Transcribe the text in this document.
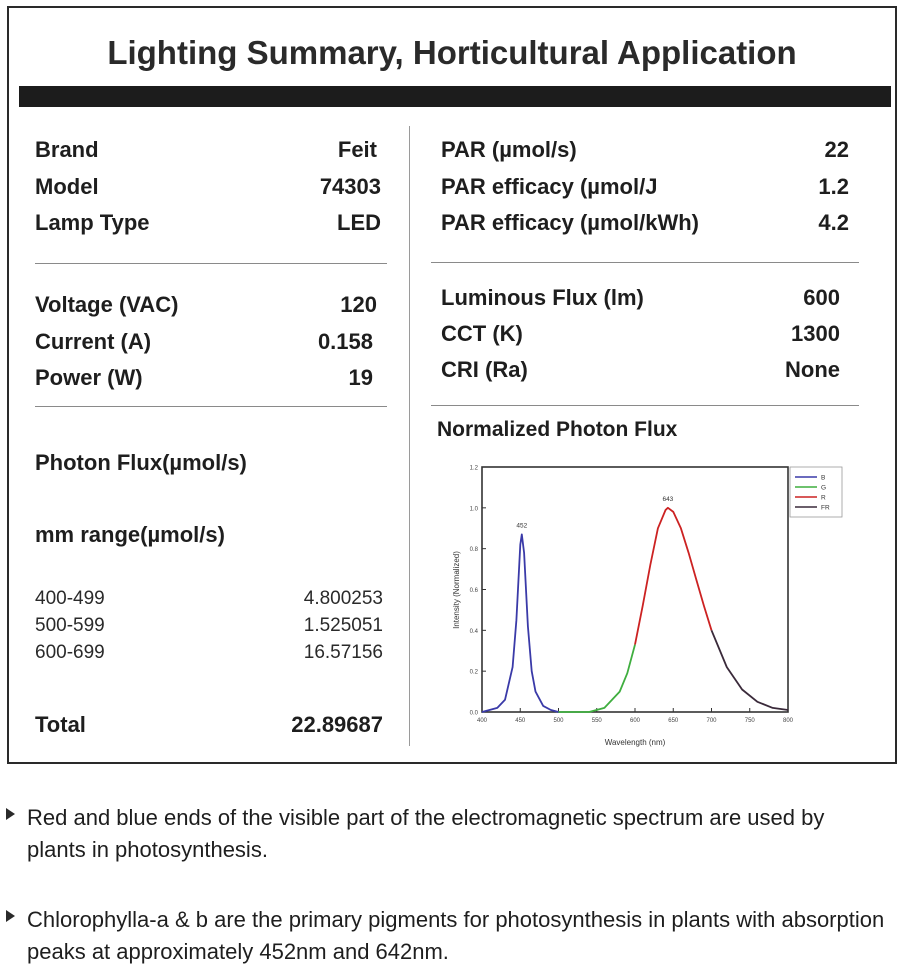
Lighting Summary, Horticultural Application
Brand	Feit
Model	74303
Lamp Type	LED
Voltage (VAC)	120
Current (A)	0.158
Power (W)	19
Photon Flux(µmol/s)
mm range(µmol/s)
400-499	4.800253
500-599	1.525051
600-699	16.57156
Total	22.89687
PAR (µmol/s)	22
PAR efficacy (µmol/J	1.2
PAR efficacy (µmol/kWh)	4.2
Luminous Flux (lm)	600
CCT (K)	1300
CRI (Ra)	None
Normalized Photon Flux
0.0
0.2
0.4
0.6
0.8
1.0
1.2
400	450	500	550	600	650	700	750	800
452
643
B
G
R
FR
Wavelength (nm)
Intensity (Normalized)
Red and blue ends of the visible part of the electromagnetic spectrum are used by plants in photosynthesis.
Chlorophylla-a & b are the primary pigments for photosynthesis in plants with absorption peaks at approximately 452nm and 642nm.
